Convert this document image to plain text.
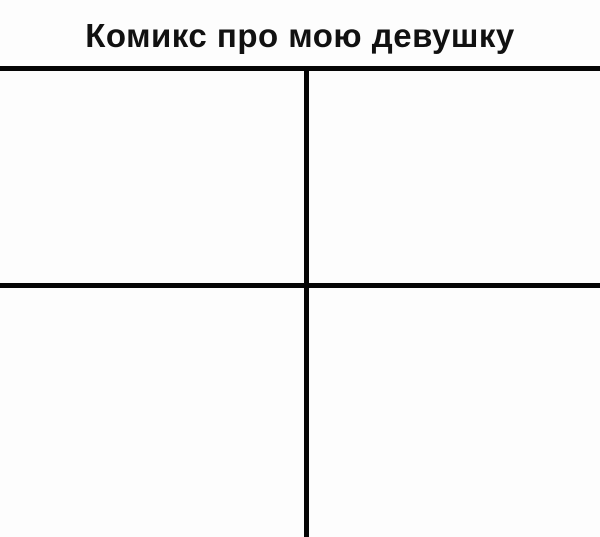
Комикс про мою девушку
